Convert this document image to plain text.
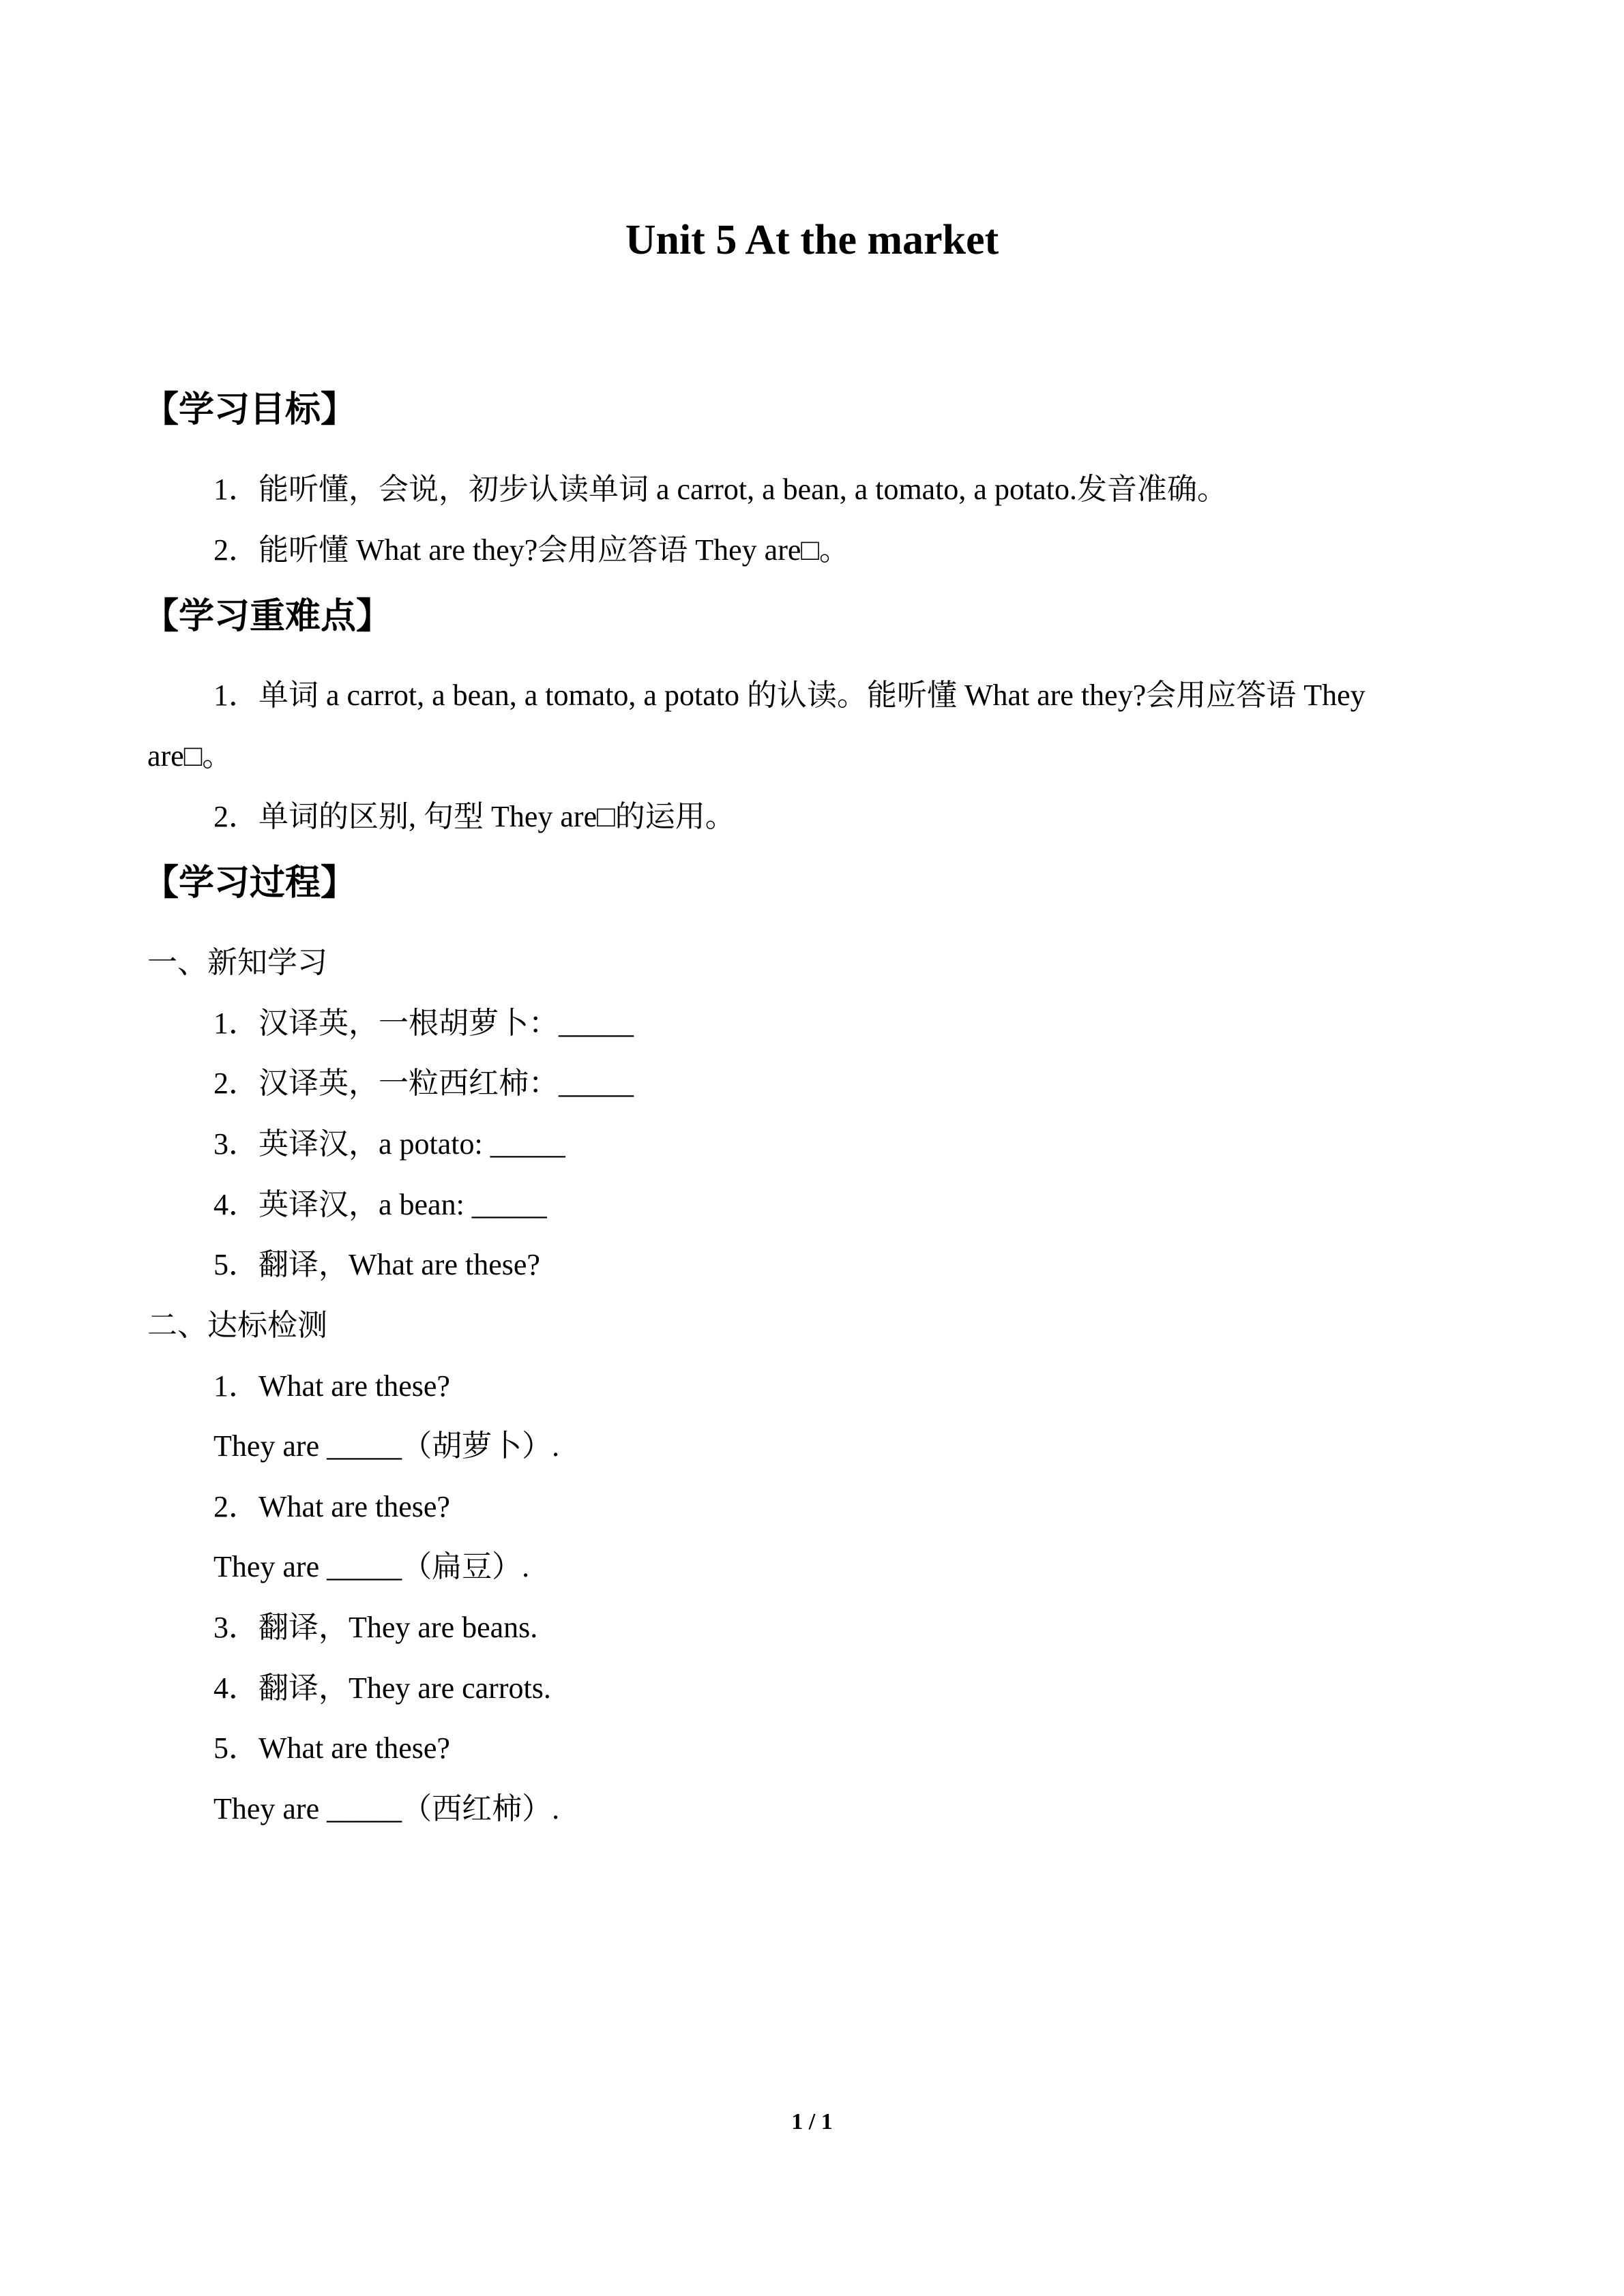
Unit 5 At the market
【学习目标】
1．能听懂，会说，初步认读单词 a carrot, a bean, a tomato, a potato.发音准确。
2．能听懂 What are they?会用应答语 They are□。
【学习重难点】
1．单词 a carrot, a bean, a tomato, a potato 的认读。能听懂 What are they?会用应答语 They
are□。
2．单词的区别, 句型 They are□的运用。
【学习过程】
一、新知学习
1．汉译英，一根胡萝卜：_____
2．汉译英，一粒西红柿：_____
3．英译汉，a potato: _____
4．英译汉，a bean: _____
5．翻译，What are these?
二、达标检测
1．What are these?
They are _____（胡萝卜）.
2．What are these?
They are _____（扁豆）.
3．翻译，They are beans.
4．翻译，They are carrots.
5．What are these?
They are _____（西红柿）.
1 / 1
